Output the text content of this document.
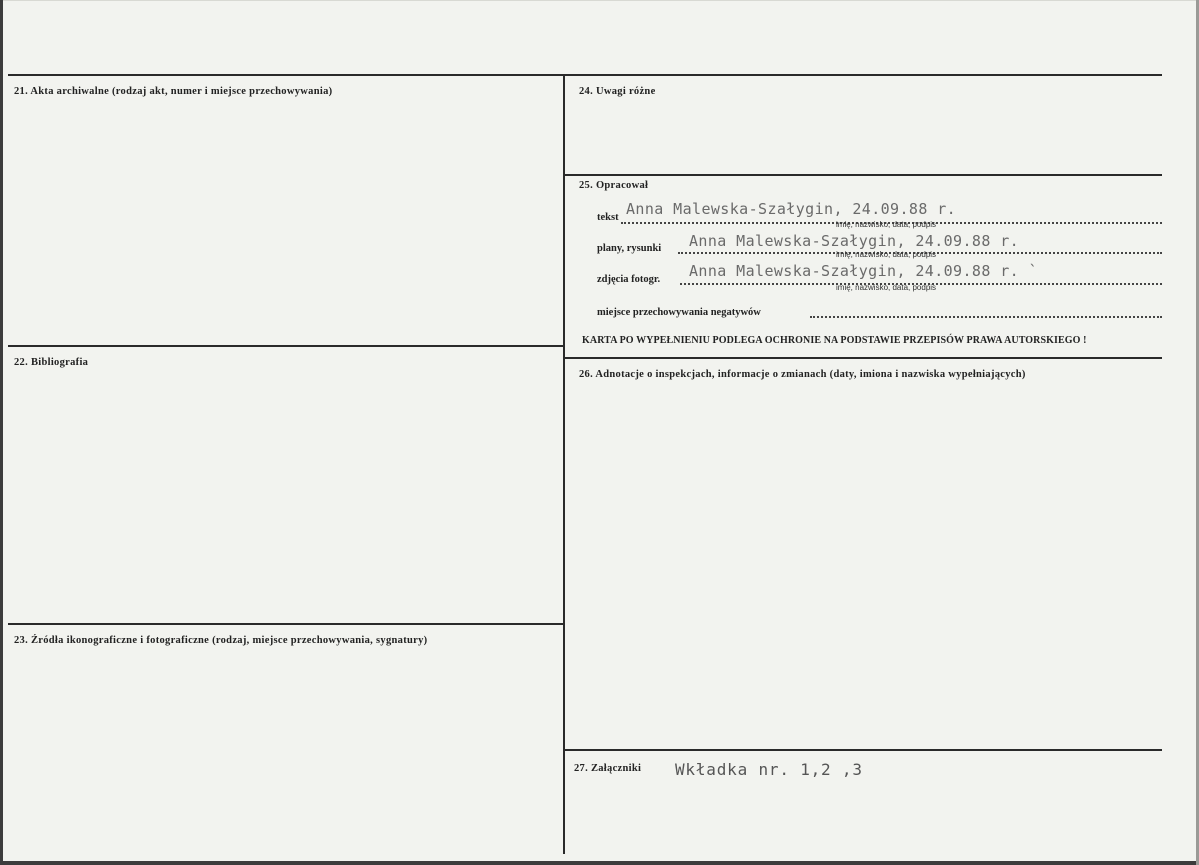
21. Akta archiwalne (rodzaj akt, numer i miejsce przechowywania)
22. Bibliografia
23. Źródła ikonograficzne i fotograficzne (rodzaj, miejsce przechowywania, sygnatury)
24. Uwagi różne
25. Opracował
26. Adnotacje o inspekcjach, informacje o zmianach (daty, imiona i nazwiska wypełniających)
27. Załączniki
tekst Anna Malewska-Szałygin, 24.09.88 r.
imię, nazwisko, data, podpis
plany, rysunki Anna Malewska-Szałygin, 24.09.88 r.
imię, nazwisko, data, podpis
zdjęcia fotogr. Anna Malewska-Szałygin, 24.09.88 r. `
imię, nazwisko, data, podpis
miejsce przechowywania negatywów
KARTA PO WYPEŁNIENIU PODLEGA OCHRONIE NA PODSTAWIE PRZEPISÓW PRAWA AUTORSKIEGO !
Wkładka nr. 1,2 ,3
